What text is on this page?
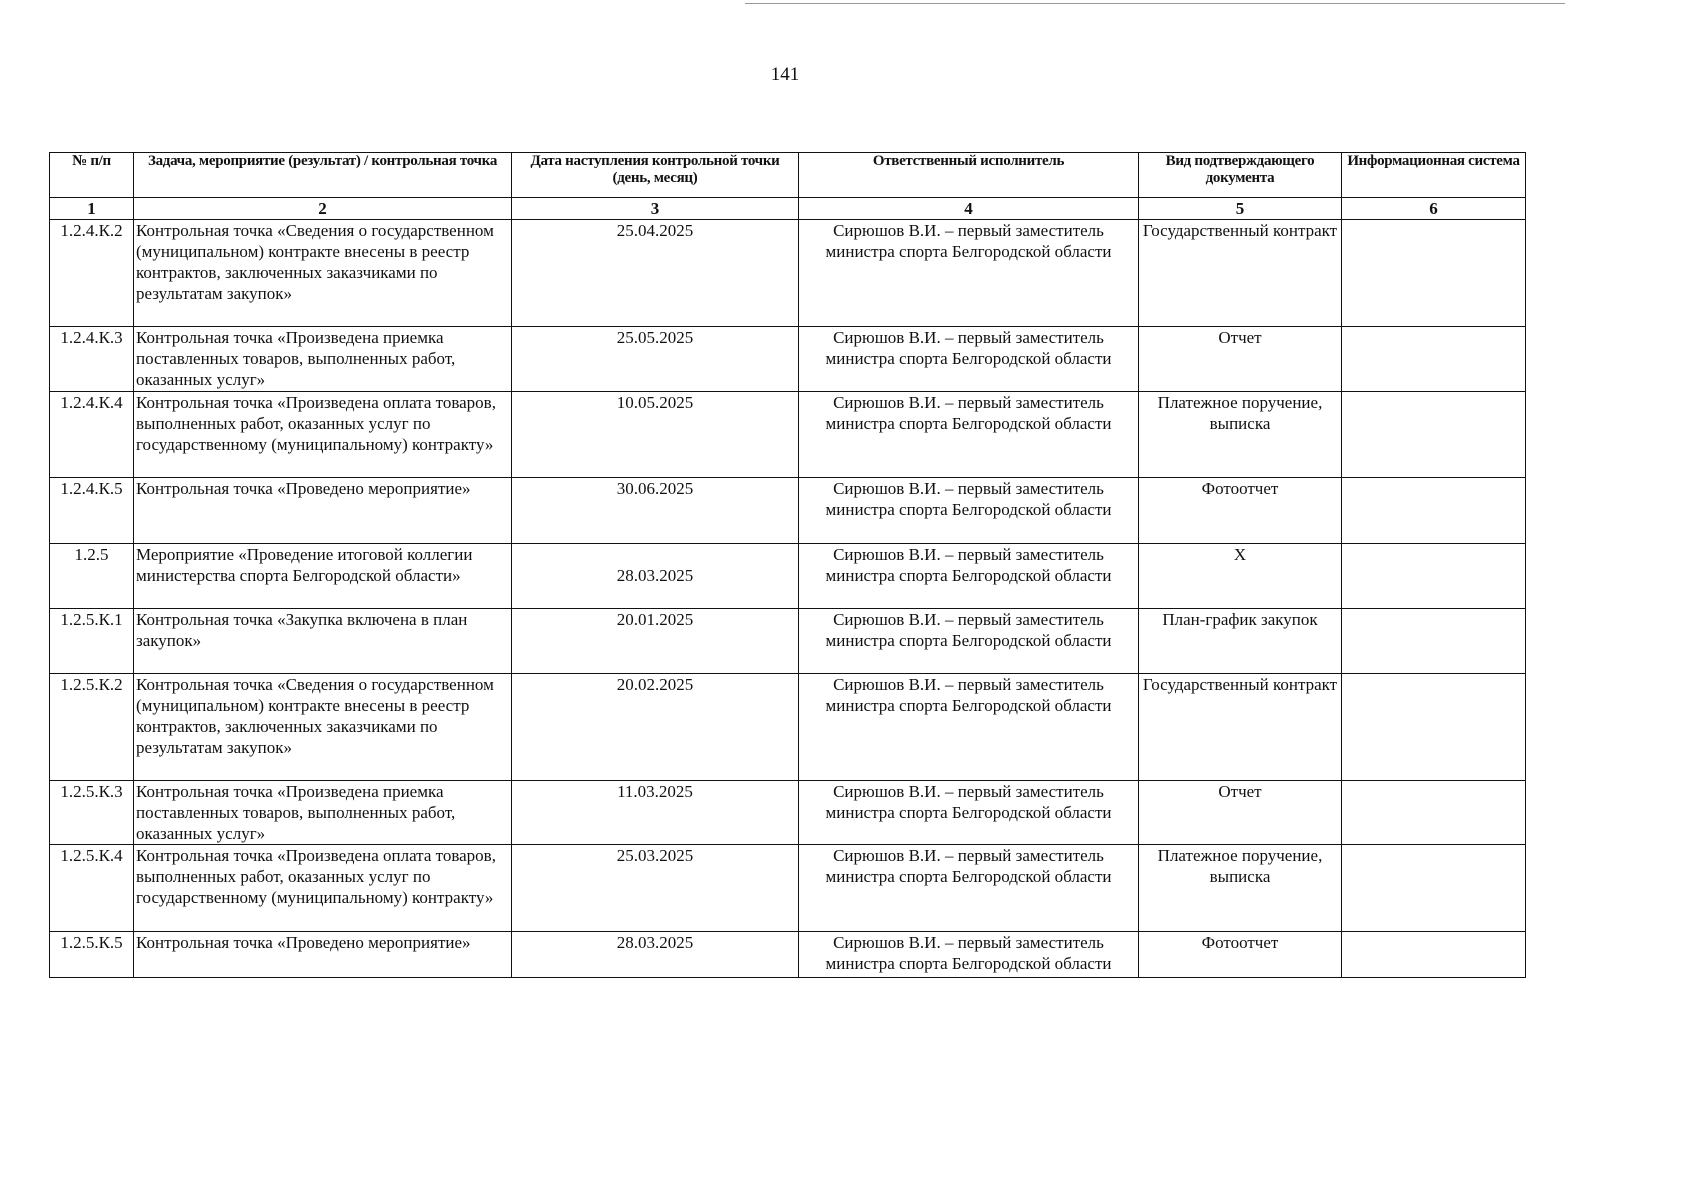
141
№ п/п	Задача, мероприятие (результат) / контрольная точка	Дата наступления контрольной точки (день, месяц)	Ответственный исполнитель	Вид подтверждающего документа	Информационная система
1	2	3	4	5	6
1.2.4.К.2	Контрольная точка «Сведения о государственном (муниципальном) контракте внесены в реестр контрактов, заключенных заказчиками по результатам закупок»	25.04.2025	Сирюшов В.И. – первый заместитель министра спорта Белгородской области	Государственный контракт	
1.2.4.К.3	Контрольная точка «Произведена приемка поставленных товаров, выполненных работ, оказанных услуг»	25.05.2025	Сирюшов В.И. – первый заместитель министра спорта Белгородской области	Отчет	
1.2.4.К.4	Контрольная точка «Произведена оплата товаров, выполненных работ, оказанных услуг по государственному (муниципальному) контракту»	10.05.2025	Сирюшов В.И. – первый заместитель министра спорта Белгородской области	Платежное поручение, выписка	
1.2.4.К.5	Контрольная точка «Проведено мероприятие»	30.06.2025	Сирюшов В.И. – первый заместитель министра спорта Белгородской области	Фотоотчет	
1.2.5	Мероприятие «Проведение итоговой коллегии министерства спорта Белгородской области»	28.03.2025	Сирюшов В.И. – первый заместитель министра спорта Белгородской области	Х	
1.2.5.К.1	Контрольная точка «Закупка включена в план закупок»	20.01.2025	Сирюшов В.И. – первый заместитель министра спорта Белгородской области	План-график закупок	
1.2.5.К.2	Контрольная точка «Сведения о государственном (муниципальном) контракте внесены в реестр контрактов, заключенных заказчиками по результатам закупок»	20.02.2025	Сирюшов В.И. – первый заместитель министра спорта Белгородской области	Государственный контракт	
1.2.5.К.3	Контрольная точка «Произведена приемка поставленных товаров, выполненных работ, оказанных услуг»	11.03.2025	Сирюшов В.И. – первый заместитель министра спорта Белгородской области	Отчет	
1.2.5.К.4	Контрольная точка «Произведена оплата товаров, выполненных работ, оказанных услуг по государственному (муниципальному) контракту»	25.03.2025	Сирюшов В.И. – первый заместитель министра спорта Белгородской области	Платежное поручение, выписка	
1.2.5.К.5	Контрольная точка «Проведено мероприятие»	28.03.2025	Сирюшов В.И. – первый заместитель министра спорта Белгородской области	Фотоотчет	
